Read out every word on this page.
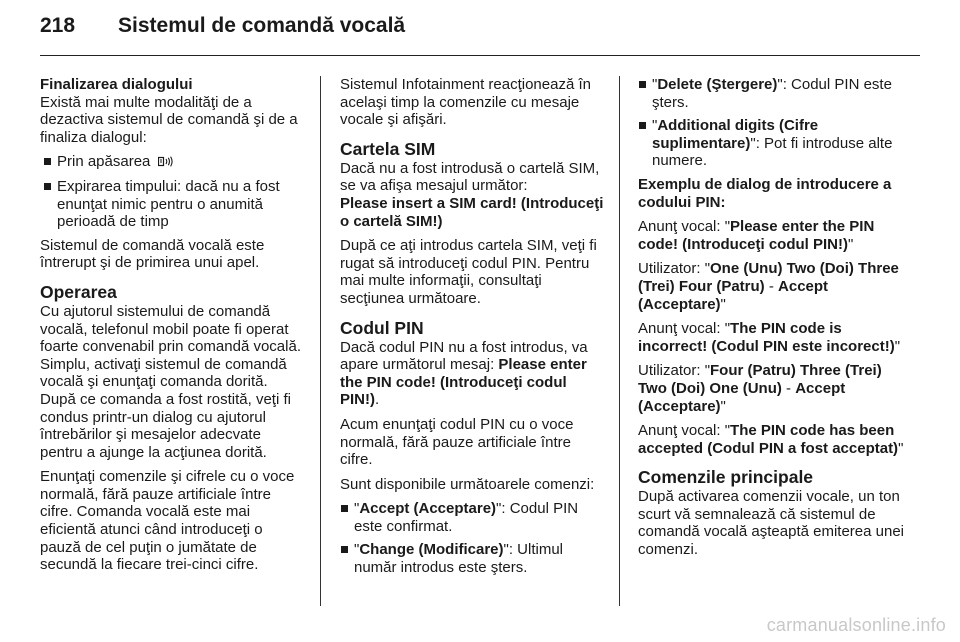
218	Sistemul de comandă vocală
Finalizarea dialogului

Există mai multe modalităţi de a dezactiva sistemul de comandă şi de a finaliza dialogul:

Prin apăsarea
Expirarea timpului: dacă nu a fost enunţat nimic pentru o anumită perioadă de timp

Sistemul de comandă vocală este întrerupt şi de primirea unui apel.

Operarea

Cu ajutorul sistemului de comandă vocală, telefonul mobil poate fi operat foarte convenabil prin comandă vocală. Simplu, activaţi sistemul de comandă vocală şi enunţaţi comanda dorită. După ce comanda a fost rostită, veţi fi condus printr-un dialog cu ajutorul întrebărilor şi mesajelor adecvate pentru a ajunge la acţiunea dorită.

Enunţaţi comenzile şi cifrele cu o voce normală, fără pauze artificiale între cifre. Comanda vocală este mai eficientă atunci când introduceţi o pauză de cel puţin o jumătate de secundă la fiecare trei-cinci cifre.

Sistemul Infotainment reacţionează în acelaşi timp la comenzile cu mesaje vocale şi afişări.

Cartela SIM
Dacă nu a fost introdusă o cartelă SIM, se va afişa mesajul următor:

Please insert a SIM card! (Introduceţi o cartelă SIM!)

După ce aţi introdus cartela SIM, veţi fi rugat să introduceţi codul PIN. Pentru mai multe informaţii, consultaţi secţiunea următoare.

Codul PIN

Dacă codul PIN nu a fost introdus, va apare următorul mesaj: Please enter the PIN code! (Introduceţi codul PIN!).

Acum enunţaţi codul PIN cu o voce normală, fără pauze artificiale între cifre.

Sunt disponibile următoarele comenzi:

"Accept (Acceptare)": Codul PIN este confirmat.
"Change (Modificare)": Ultimul număr introdus este şters.
"Delete (Ştergere)": Codul PIN este şters.
"Additional digits (Cifre suplimentare)": Pot fi introduse alte numere.

Exemplu de dialog de introducere a codului PIN:

Anunţ vocal: "Please enter the PIN code! (Introduceţi codul PIN!)"

Utilizator: "One (Unu) Two (Doi) Three (Trei) Four (Patru) - Accept (Acceptare)"

Anunţ vocal: "The PIN code is incorrect! (Codul PIN este incorect!)"

Utilizator: "Four (Patru) Three (Trei) Two (Doi) One (Unu) - Accept (Acceptare)"

Anunţ vocal: "The PIN code has been accepted (Codul PIN a fost acceptat)"

Comenzile principale

După activarea comenzii vocale, un ton scurt vă semnalează că sistemul de comandă vocală aşteaptă emiterea unei comenzi.

carmanualsonline.info
